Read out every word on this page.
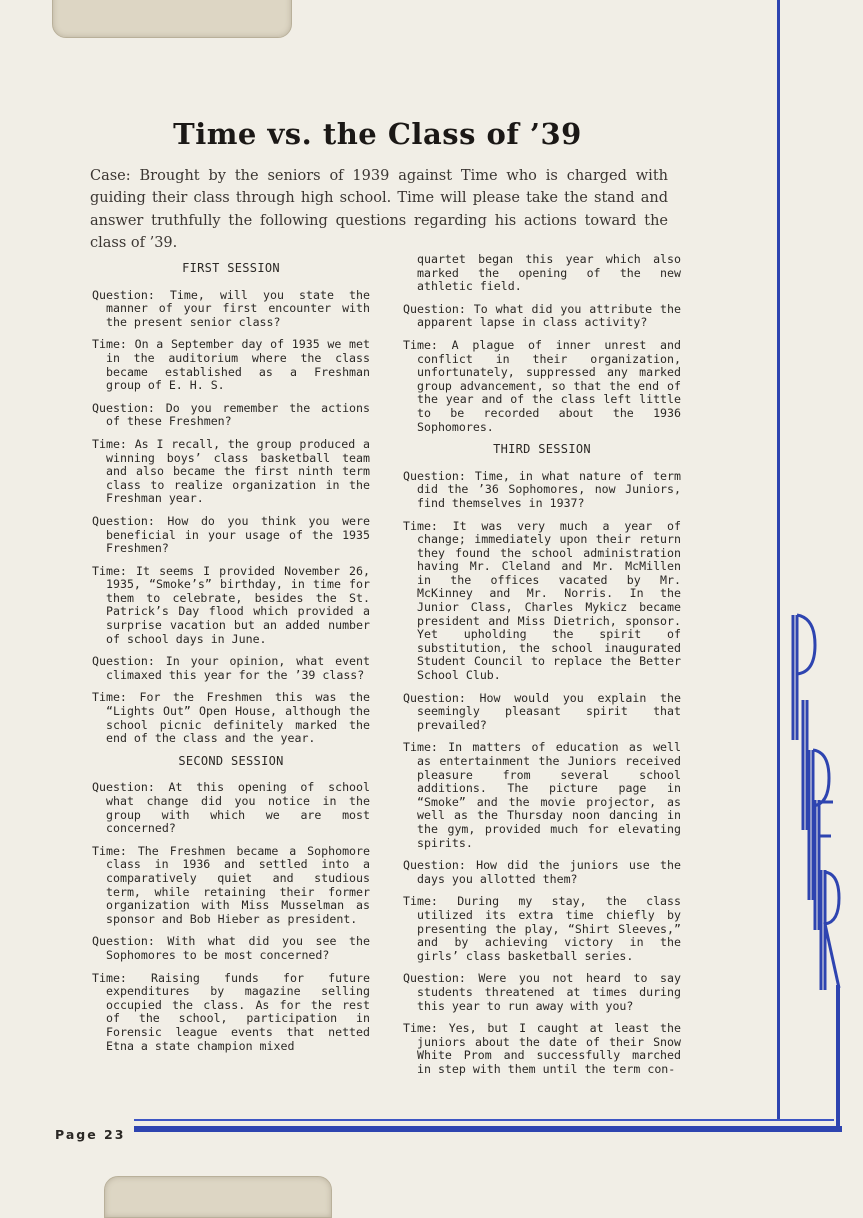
Time vs. the Class of ’39

Case: Brought by the seniors of 1939 against Time who is charged with guiding their class through high school. Time will please take the stand and answer truthfully the following questions regarding his actions toward the class of ’39.

FIRST SESSION

Question: Time, will you state the manner of your first encounter with the present senior class?

Time: On a September day of 1935 we met in the auditorium where the class became established as a Freshman group of E. H. S.

Question: Do you remember the actions of these Freshmen?

Time: As I recall, the group produced a winning boys’ class basketball team and also became the first ninth term class to realize organization in the Freshman year.

Question: How do you think you were beneficial in your usage of the 1935 Freshmen?

Time: It seems I provided November 26, 1935, “Smoke’s” birthday, in time for them to celebrate, besides the St. Patrick’s Day flood which provided a surprise vacation but an added number of school days in June.

Question: In your opinion, what event climaxed this year for the ’39 class?

Time: For the Freshmen this was the “Lights Out” Open House, although the school picnic definitely marked the end of the class and the year.

SECOND SESSION

Question: At this opening of school what change did you notice in the group with which we are most concerned?

Time: The Freshmen became a Sophomore class in 1936 and settled into a comparatively quiet and studious term, while retaining their former organization with Miss Musselman as sponsor and Bob Hieber as president.

Question: With what did you see the Sophomores to be most concerned?

Time: Raising funds for future expenditures by magazine selling occupied the class. As for the rest of the school, participation in Forensic league events that netted Etna a state champion mixed

quartet began this year which also marked the opening of the new athletic field.

Question: To what did you attribute the apparent lapse in class activity?

Time: A plague of inner unrest and conflict in their organization, unfortunately, suppressed any marked group advancement, so that the end of the year and of the class left little to be recorded about the 1936 Sophomores.

THIRD SESSION

Question: Time, in what nature of term did the ’36 Sophomores, now Juniors, find themselves in 1937?

Time: It was very much a year of change; immediately upon their return they found the school administration having Mr. Cleland and Mr. McMillen in the offices vacated by Mr. McKinney and Mr. Norris. In the Junior Class, Charles Mykicz became president and Miss Dietrich, sponsor. Yet upholding the spirit of substitution, the school inaugurated Student Council to replace the Better School Club.

Question: How would you explain the seemingly pleasant spirit that prevailed?

Time: In matters of education as well as entertainment the Juniors received pleasure from several school additions. The picture page in “Smoke” and the movie projector, as well as the Thursday noon dancing in the gym, provided much for elevating spirits.

Question: How did the juniors use the days you allotted them?

Time: During my stay, the class utilized its extra time chiefly by presenting the play, “Shirt Sleeves,” and by achieving victory in the girls’ class basketball series.

Question: Were you not heard to say students threatened at times during this year to run away with you?

Time: Yes, but I caught at least the juniors about the date of their Snow White Prom and successfully marched in step with them until the term con-

Page 23
